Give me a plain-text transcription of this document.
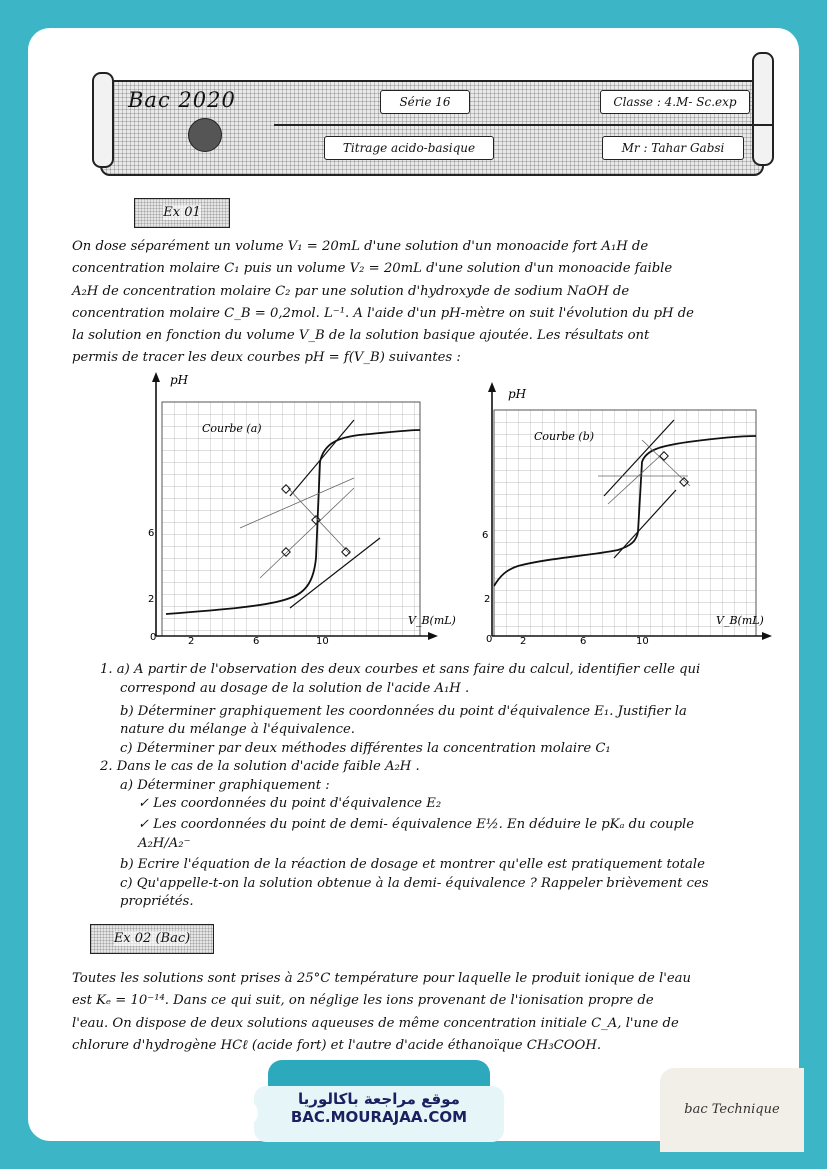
Bac 2020	Série 16
Titrage acido-basique
Classe : 4.M- Sc.exp
Mr : Tahar Gabsi
Ex 01

On dose séparément un volume V₁ = 20mL d'une solution d'un monoacide fort A₁H de

concentration molaire C₁ puis un volume V₂ = 20mL d'une solution d'un monoacide faible

A₂H de concentration molaire C₂ par une solution d'hydroxyde de sodium NaOH de

concentration molaire C_B = 0,2mol. L⁻¹. A l'aide d'un pH-mètre on suit l'évolution du pH de

la solution en fonction du volume V_B de la solution basique ajoutée. Les résultats ont

permis de tracer les deux courbes pH = f(V_B) suivantes :

pH
Courbe (a)
V_B(mL)
6
2
0	2	6	10
pH
Courbe (b)
V_B(mL)
6
2
0	2	6	10
1. a) A partir de l'observation des deux courbes et sans faire du calcul, identifier celle qui
correspond au dosage de la solution de l'acide A₁H .
b) Déterminer graphiquement les coordonnées du point d'équivalence E₁. Justifier la
nature du mélange à l'équivalence.
c) Déterminer par deux méthodes différentes la concentration molaire C₁
2. Dans le cas de la solution d'acide faible A₂H .
a) Déterminer graphiquement :
✓ Les coordonnées du point d'équivalence E₂
✓ Les coordonnées du point de demi- équivalence E½. En déduire le pKₐ du couple
A₂H/A₂⁻
b) Ecrire l'équation de la réaction de dosage et montrer qu'elle est pratiquement totale
c) Qu'appelle-t-on la solution obtenue à la demi- équivalence ? Rappeler brièvement ces
propriétés.
Ex 02 (Bac)

Toutes les solutions sont prises à 25°C température pour laquelle le produit ionique de l'eau

est Kₑ = 10⁻¹⁴. Dans ce qui suit, on néglige les ions provenant de l'ionisation propre de

l'eau. On dispose de deux solutions aqueuses de même concentration initiale C_A, l'une de

chlorure d'hydrogène HCℓ (acide fort) et l'autre d'acide éthanoïque CH₃COOH.

موقع مراجعة باكالوريا
BAC.MOURAJAA.COM	bac Technique
